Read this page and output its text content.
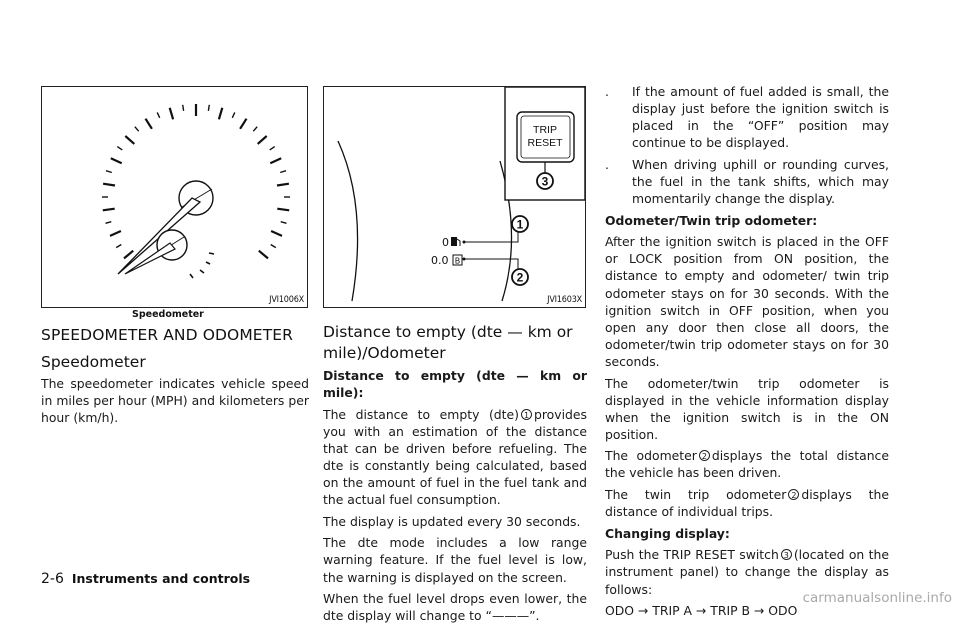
JVI1006X
Speedometer
TRIP
RESET
3
0
0.0 B
1
2
JVI1603X
SPEEDOMETER AND ODOMETER
Speedometer

The speedometer indicates vehicle speed in miles per hour (MPH) and kilometers per hour (km/h).

Distance to empty (dte — km or
mile)/Odometer

Distance to empty (dte — km or mile):

The distance to empty (dte) 1 provides you with an estimation of the distance that can be driven before refueling. The dte is constantly being calculated, based on the amount of fuel in the fuel tank and the actual fuel consumption.

The display is updated every 30 seconds.

The dte mode includes a low range warning feature. If the fuel level is low, the warning is displayed on the screen.

When the fuel level drops even lower, the dte display will change to “———”.

. If the amount of fuel added is small, the display just before the ignition switch is placed in the “OFF” position may continue to be displayed.
. When driving uphill or rounding curves, the fuel in the tank shifts, which may momentarily change the display.

Odometer/Twin trip odometer:

After the ignition switch is placed in the OFF or LOCK position from ON position, the distance to empty and odometer/ twin trip odometer stays on for 30 seconds. With the ignition switch in OFF position, when you open any door then close all doors, the odometer/twin trip odometer stays on for 30 seconds.

The odometer/twin trip odometer is displayed in the vehicle information display when the ignition switch is in the ON position.

The odometer 2 displays the total distance the vehicle has been driven.

The twin trip odometer 2 displays the distance of individual trips.

Changing display:

Push the TRIP RESET switch 3 (located on the instrument panel) to change the display as follows:

ODO → TRIP A → TRIP B → ODO

2-6 Instruments and controls
carmanualsonline.info
